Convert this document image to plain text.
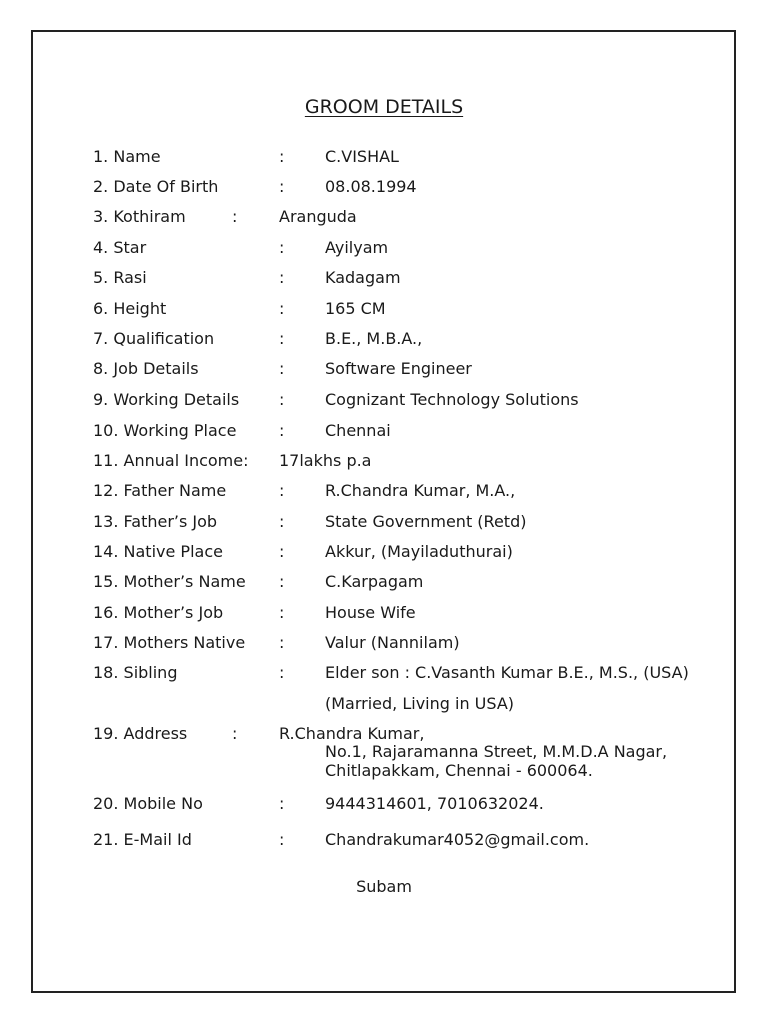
GROOM DETAILS
1. Name	:	C.VISHAL
2. Date Of Birth	:	08.08.1994
3. Kothiram	:	Aranguda
4. Star	:	Ayilyam
5. Rasi	:	Kadagam
6. Height	:	165 CM
7. Qualification	:	B.E., M.B.A.,
8. Job Details	:	Software Engineer
9. Working Details :	Cognizant Technology Solutions
10. Working Place	:	Chennai
11. Annual Income: 17lakhs p.a
12. Father Name	:	R.Chandra Kumar, M.A.,
13. Father’s Job	:	State Government (Retd)
14. Native Place	:	Akkur, (Mayiladuthurai)
15. Mother’s Name :	C.Karpagam
16. Mother’s Job	:	House Wife
17. Mothers Native :	Valur (Nannilam)
18. Sibling	:	Elder son : C.Vasanth Kumar B.E., M.S., (USA)
(Married, Living in USA)
19. Address	:	R.Chandra Kumar,
No.1, Rajaramanna Street, M.M.D.A Nagar,
Chitlapakkam, Chennai - 600064.
20. Mobile No	:	9444314601, 7010632024.
21. E-Mail Id	:	Chandrakumar4052@gmail.com.
Subam
